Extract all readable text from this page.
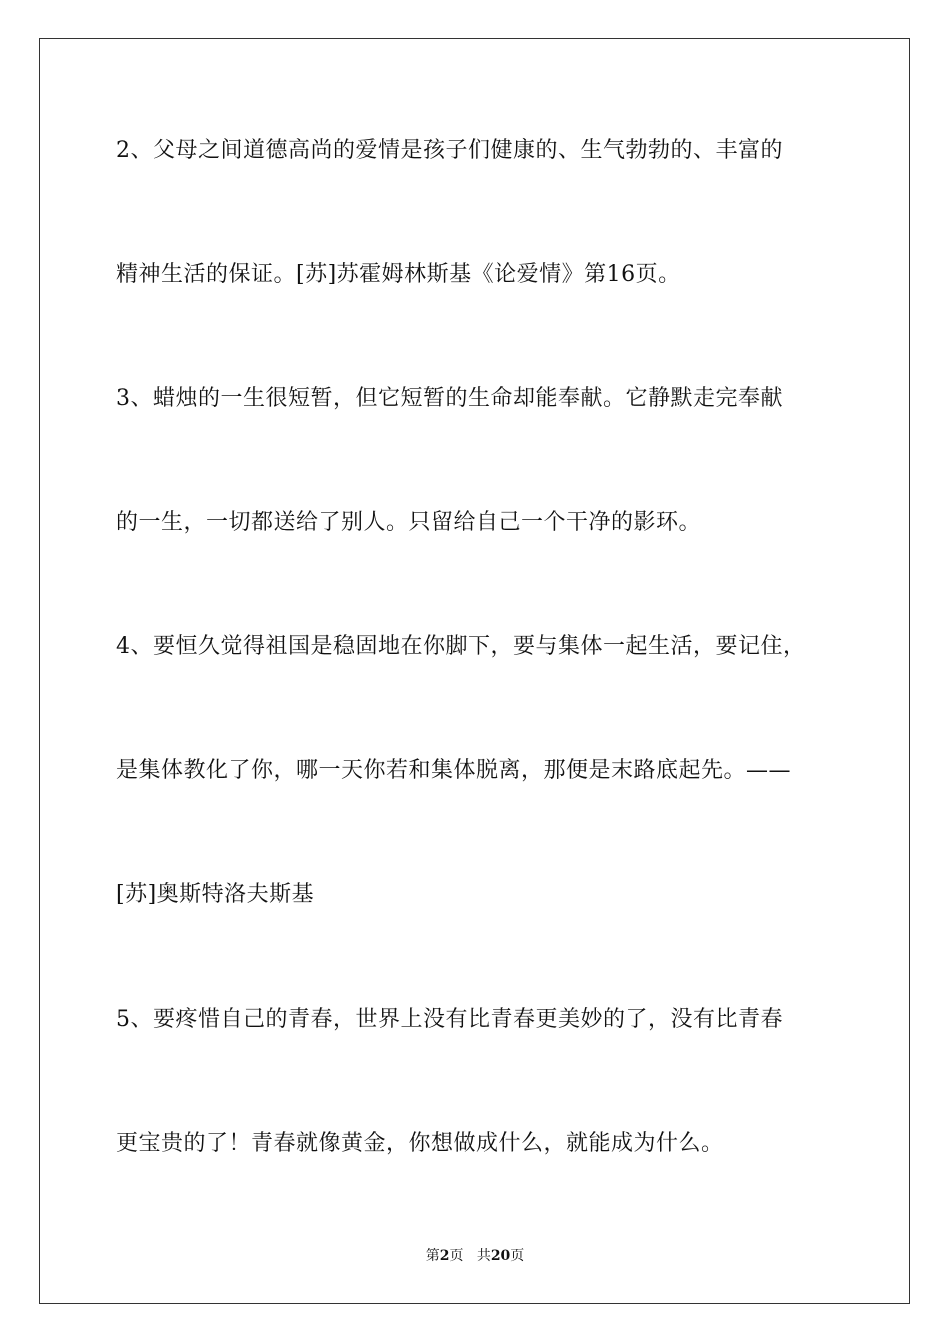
2、父母之间道德高尚的爱情是孩子们健康的、生气勃勃的、丰富的
精神生活的保证。[苏]苏霍姆林斯基《论爱情》第16页。
3、蜡烛的一生很短暂，但它短暂的生命却能奉献。它静默走完奉献
的一生，一切都送给了别人。只留给自己一个干净的影环。
4、要恒久觉得祖国是稳固地在你脚下，要与集体一起生活，要记住，
是集体教化了你，哪一天你若和集体脱离，那便是末路底起先。——
[苏]奥斯特洛夫斯基
5、要疼惜自己的青春，世界上没有比青春更美妙的了，没有比青春
更宝贵的了！青春就像黄金，你想做成什么，就能成为什么。
第2页 共20页
